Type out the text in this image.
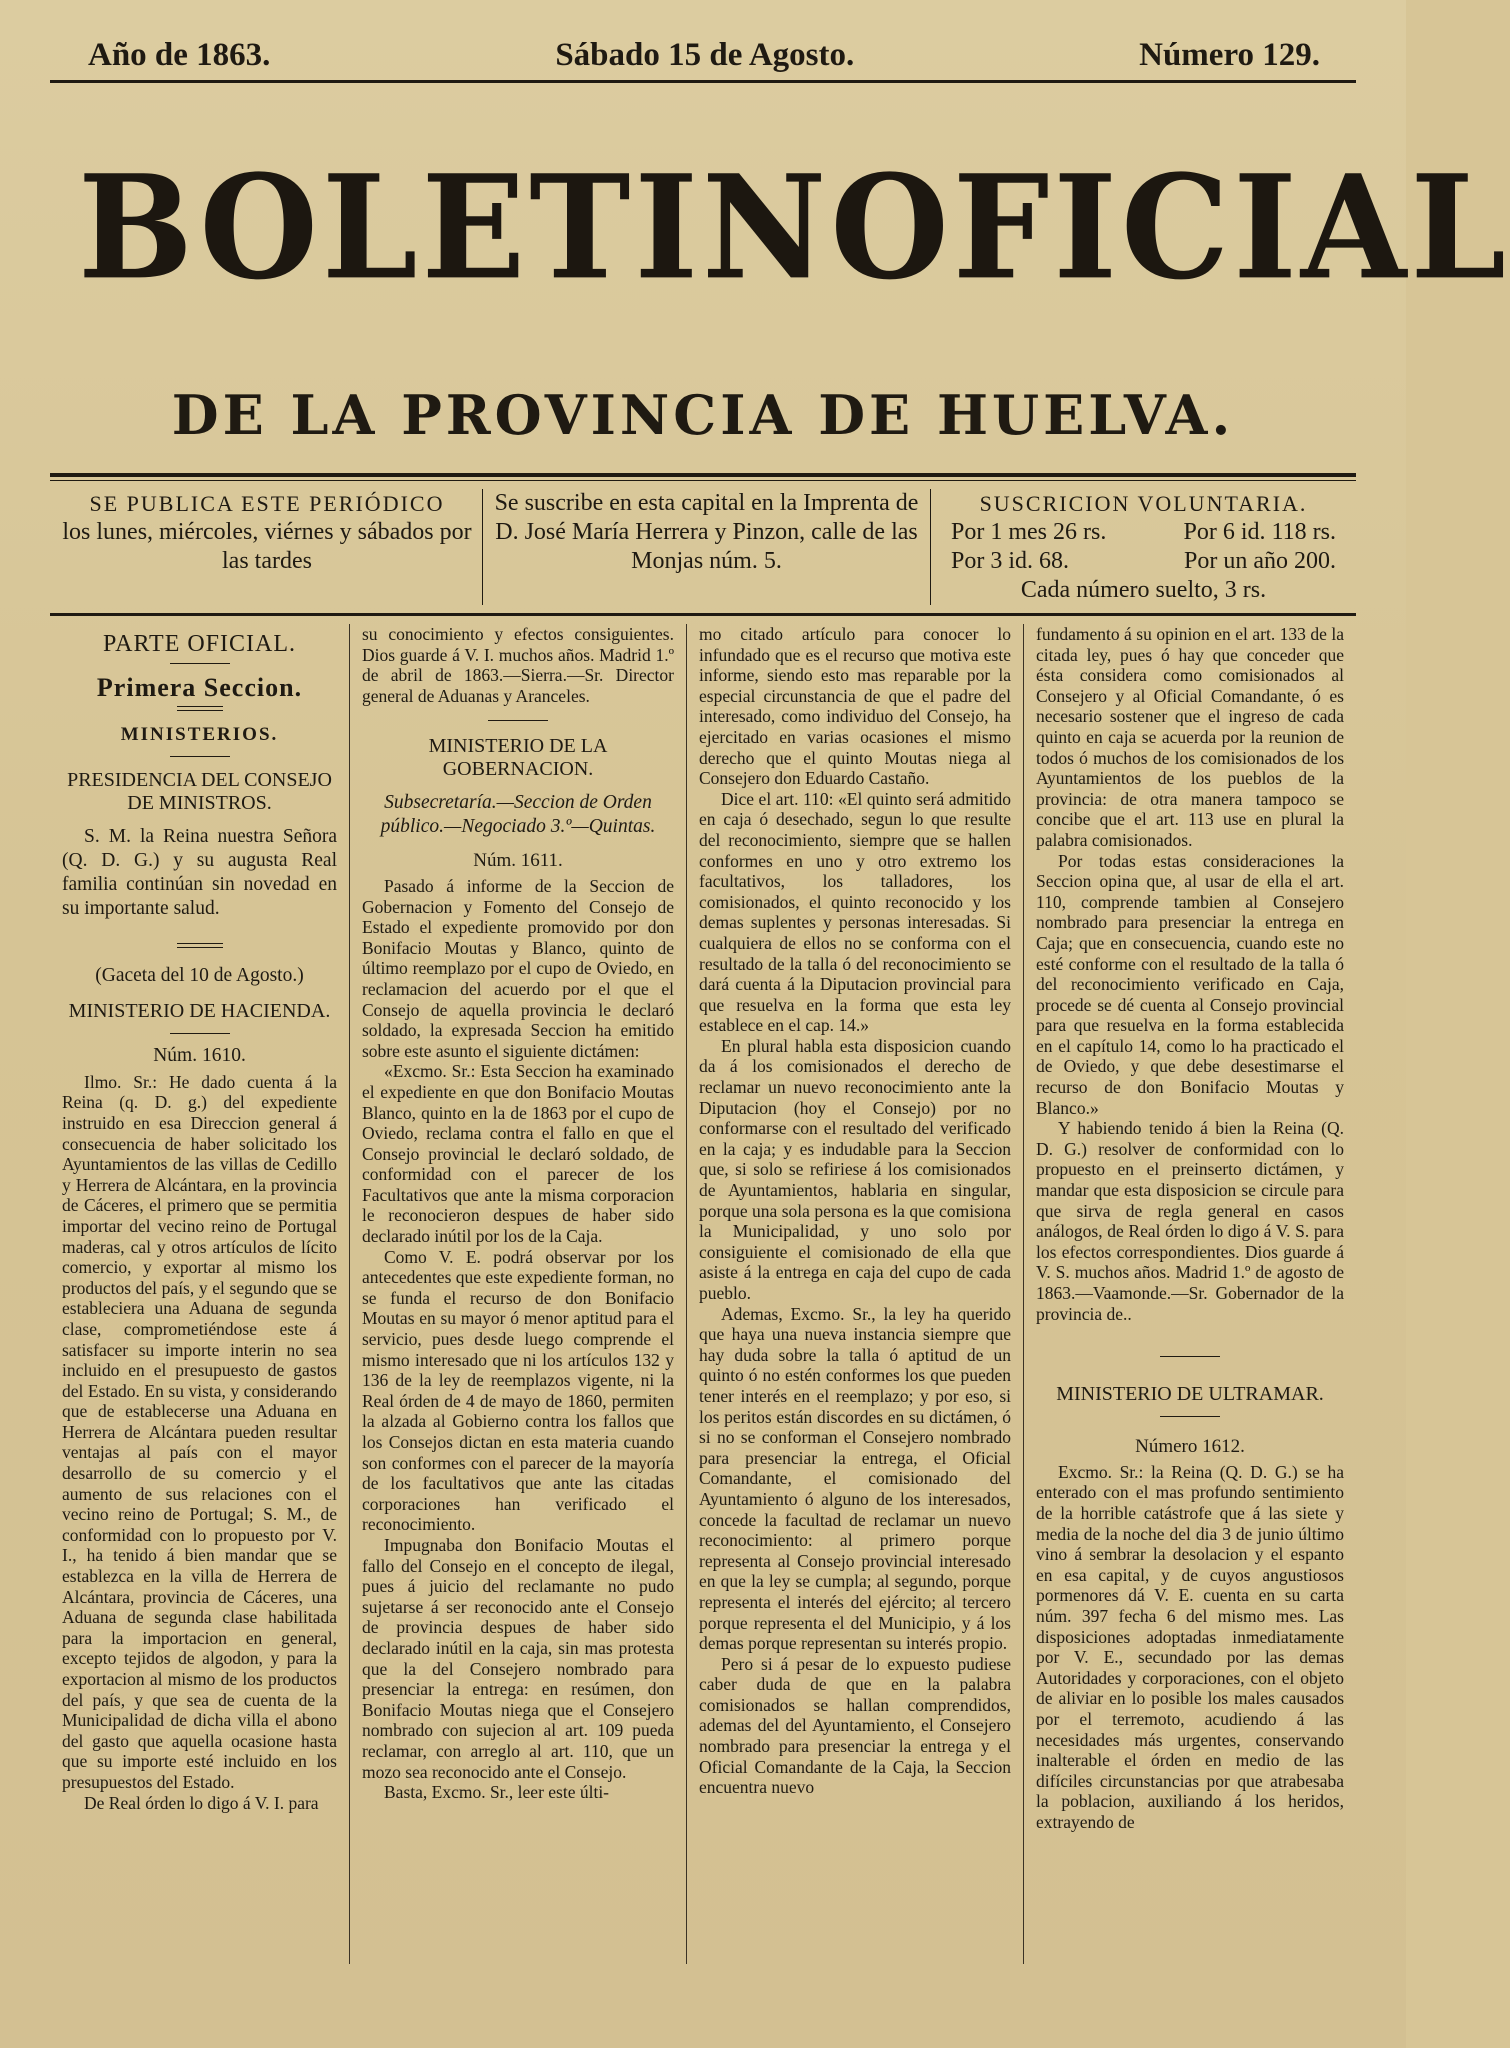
Año de 1863.	Sábado 15 de Agosto.	Número 129.
BOLETIN OFICIAL
DE LA PROVINCIA DE HUELVA.
SE PUBLICA ESTE PERIÓDICO
los lunes, miércoles, viérnes y sábados por las tardes
Se suscribe en esta capital en la Imprenta de D. José María Herrera y Pinzon, calle de las Monjas núm. 5.
SUSCRICION VOLUNTARIA.
Por 1 mes 26 rs.	Por 6 id. 118 rs.
Por 3 id. 68.	Por un año 200.
Cada número suelto, 3 rs.
PARTE OFICIAL.
Primera Seccion.
MINISTERIOS.
PRESIDENCIA DEL CONSEJO DE MINISTROS.

S. M. la Reina nuestra Señora (Q. D. G.) y su augusta Real familia continúan sin novedad en su importante salud.

(Gaceta del 10 de Agosto.)

MINISTERIO DE HACIENDA.

Núm. 1610.

Ilmo. Sr.: He dado cuenta á la Reina (q. D. g.) del expediente instruido en esa Direccion general á consecuencia de haber solicitado los Ayuntamientos de las villas de Cedillo y Herrera de Alcántara, en la provincia de Cáceres, el primero que se permitia importar del vecino reino de Portugal maderas, cal y otros artículos de lícito comercio, y exportar al mismo los productos del país, y el segundo que se estableciera una Aduana de segunda clase, comprometiéndose este á satisfacer su importe interin no sea incluido en el presupuesto de gastos del Estado. En su vista, y considerando que de establecerse una Aduana en Herrera de Alcántara pueden resultar ventajas al país con el mayor desarrollo de su comercio y el aumento de sus relaciones con el vecino reino de Portugal; S. M., de conformidad con lo propuesto por V. I., ha tenido á bien mandar que se establezca en la villa de Herrera de Alcántara, provincia de Cáceres, una Aduana de segunda clase habilitada para la importacion en general, excepto tejidos de algodon, y para la exportacion al mismo de los productos del país, y que sea de cuenta de la Municipalidad de dicha villa el abono del gasto que aquella ocasione hasta que su importe esté incluido en los presupuestos del Estado.

De Real órden lo digo á V. I. para

su conocimiento y efectos consiguientes. Dios guarde á V. I. muchos años. Madrid 1.º de abril de 1863.—Sierra.—Sr. Director general de Aduanas y Aranceles.

MINISTERIO DE LA GOBERNACION.

Subsecretaría.—Seccion de Orden público.—Negociado 3.º—Quintas.

Núm. 1611.

Pasado á informe de la Seccion de Gobernacion y Fomento del Consejo de Estado el expediente promovido por don Bonifacio Moutas y Blanco, quinto de último reemplazo por el cupo de Oviedo, en reclamacion del acuerdo por el que el Consejo de aquella provincia le declaró soldado, la expresada Seccion ha emitido sobre este asunto el siguiente dictámen:

«Excmo. Sr.: Esta Seccion ha examinado el expediente en que don Bonifacio Moutas Blanco, quinto en la de 1863 por el cupo de Oviedo, reclama contra el fallo en que el Consejo provincial le declaró soldado, de conformidad con el parecer de los Facultativos que ante la misma corporacion le reconocieron despues de haber sido declarado inútil por los de la Caja.

Como V. E. podrá observar por los antecedentes que este expediente forman, no se funda el recurso de don Bonifacio Moutas en su mayor ó menor aptitud para el servicio, pues desde luego comprende el mismo interesado que ni los artículos 132 y 136 de la ley de reemplazos vigente, ni la Real órden de 4 de mayo de 1860, permiten la alzada al Gobierno contra los fallos que los Consejos dictan en esta materia cuando son conformes con el parecer de la mayoría de los facultativos que ante las citadas corporaciones han verificado el reconocimiento.

Impugnaba don Bonifacio Moutas el fallo del Consejo en el concepto de ilegal, pues á juicio del reclamante no pudo sujetarse á ser reconocido ante el Consejo de provincia despues de haber sido declarado inútil en la caja, sin mas protesta que la del Consejero nombrado para presenciar la entrega: en resúmen, don Bonifacio Moutas niega que el Consejero nombrado con sujecion al art. 109 pueda reclamar, con arreglo al art. 110, que un mozo sea reconocido ante el Consejo.

Basta, Excmo. Sr., leer este últi-

mo citado artículo para conocer lo infundado que es el recurso que motiva este informe, siendo esto mas reparable por la especial circunstancia de que el padre del interesado, como individuo del Consejo, ha ejercitado en varias ocasiones el mismo derecho que el quinto Moutas niega al Consejero don Eduardo Castaño.

Dice el art. 110: «El quinto será admitido en caja ó desechado, segun lo que resulte del reconocimiento, siempre que se hallen conformes en uno y otro extremo los facultativos, los talladores, los comisionados, el quinto reconocido y los demas suplentes y personas interesadas. Si cualquiera de ellos no se conforma con el resultado de la talla ó del reconocimiento se dará cuenta á la Diputacion provincial para que resuelva en la forma que esta ley establece en el cap. 14.»

En plural habla esta disposicion cuando da á los comisionados el derecho de reclamar un nuevo reconocimiento ante la Diputacion (hoy el Consejo) por no conformarse con el resultado del verificado en la caja; y es indudable para la Seccion que, si solo se refiriese á los comisionados de Ayuntamientos, hablaria en singular, porque una sola persona es la que comisiona la Municipalidad, y uno solo por consiguiente el comisionado de ella que asiste á la entrega en caja del cupo de cada pueblo.

Ademas, Excmo. Sr., la ley ha querido que haya una nueva instancia siempre que hay duda sobre la talla ó aptitud de un quinto ó no estén conformes los que pueden tener interés en el reemplazo; y por eso, si los peritos están discordes en su dictámen, ó si no se conforman el Consejero nombrado para presenciar la entrega, el Oficial Comandante, el comisionado del Ayuntamiento ó alguno de los interesados, concede la facultad de reclamar un nuevo reconocimiento: al primero porque representa al Consejo provincial interesado en que la ley se cumpla; al segundo, porque representa el interés del ejército; al tercero porque representa el del Municipio, y á los demas porque representan su interés propio.

Pero si á pesar de lo expuesto pudiese caber duda de que en la palabra comisionados se hallan comprendidos, ademas del del Ayuntamiento, el Consejero nombrado para presenciar la entrega y el Oficial Comandante de la Caja, la Seccion encuentra nuevo

fundamento á su opinion en el art. 133 de la citada ley, pues ó hay que conceder que ésta considera como comisionados al Consejero y al Oficial Comandante, ó es necesario sostener que el ingreso de cada quinto en caja se acuerda por la reunion de todos ó muchos de los comisionados de los Ayuntamientos de los pueblos de la provincia: de otra manera tampoco se concibe que el art. 113 use en plural la palabra comisionados.

Por todas estas consideraciones la Seccion opina que, al usar de ella el art. 110, comprende tambien al Consejero nombrado para presenciar la entrega en Caja; que en consecuencia, cuando este no esté conforme con el resultado de la talla ó del reconocimiento verificado en Caja, procede se dé cuenta al Consejo provincial para que resuelva en la forma establecida en el capítulo 14, como lo ha practicado el de Oviedo, y que debe desestimarse el recurso de don Bonifacio Moutas y Blanco.»

Y habiendo tenido á bien la Reina (Q. D. G.) resolver de conformidad con lo propuesto en el preinserto dictámen, y mandar que esta disposicion se circule para que sirva de regla general en casos análogos, de Real órden lo digo á V. S. para los efectos correspondientes. Dios guarde á V. S. muchos años. Madrid 1.º de agosto de 1863.—Vaamonde.—Sr. Gobernador de la provincia de..

MINISTERIO DE ULTRAMAR.

Número 1612.

Excmo. Sr.: la Reina (Q. D. G.) se ha enterado con el mas profundo sentimiento de la horrible catástrofe que á las siete y media de la noche del dia 3 de junio último vino á sembrar la desolacion y el espanto en esa capital, y de cuyos angustiosos pormenores dá V. E. cuenta en su carta núm. 397 fecha 6 del mismo mes. Las disposiciones adoptadas inmediatamente por V. E., secundado por las demas Autoridades y corporaciones, con el objeto de aliviar en lo posible los males causados por el terremoto, acudiendo á las necesidades más urgentes, conservando inalterable el órden en medio de las difíciles circunstancias por que atrabesaba la poblacion, auxiliando á los heridos, extrayendo de
